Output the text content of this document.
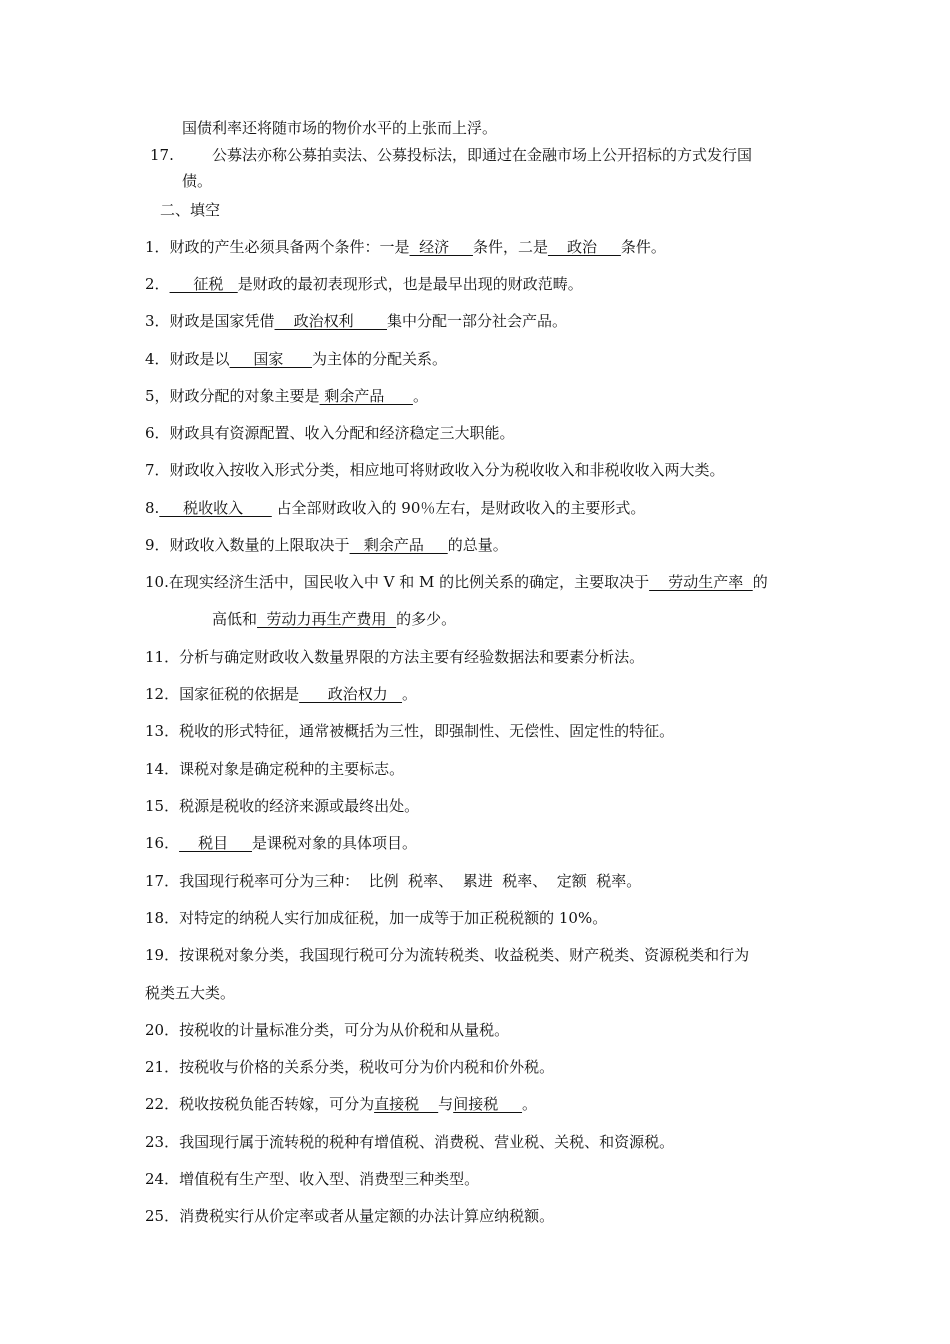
国债利率还将随市场的物价水平的上张而上浮。
17.	公募法亦称公募拍卖法、公募投标法，即通过在金融市场上公开招标的方式发行国
债。
二、填空
1．财政的产生必须具备两个条件：一是  经济     条件，二是    政治     条件。
2．     征税   是财政的最初表现形式，也是最早出现的财政范畴。
3．财政是国家凭借    政治权利       集中分配一部分社会产品。
4．财政是以     国家      为主体的分配关系。
5，财政分配的对象主要是 剩余产品      。
6．财政具有资源配置、收入分配和经济稳定三大职能。
7．财政收入按收入形式分类，相应地可将财政收入分为税收收入和非税收收入两大类。
8.     税收收入       占全部财政收入的 90％左右，是财政收入的主要形式。
9．财政收入数量的上限取决于   剩余产品     的总量。
10.在现实经济生活中，国民收入中 V 和 M 的比例关系的确定，主要取决于    劳动生产率  的
高低和  劳动力再生产费用  的多少。
11．分析与确定财政收入数量界限的方法主要有经验数据法和要素分析法。
12．国家征税的依据是      政治权力   。
13．税收的形式特征，通常被概括为三性，即强制性、无偿性、固定性的特征。
14．课税对象是确定税种的主要标志。
15．税源是税收的经济来源或最终出处。
16．    税目     是课税对象的具体项目。
17．我国现行税率可分为三种：  比例  税率、  累进  税率、  定额  税率。
18．对特定的纳税人实行加成征税，加一成等于加正税税额的 10%。
19．按课税对象分类，我国现行税可分为流转税类、收益税类、财产税类、资源税类和行为
税类五大类。
20．按税收的计量标准分类，可分为从价税和从量税。
21．按税收与价格的关系分类，税收可分为价内税和价外税。
22．税收按税负能否转嫁，可分为直接税    与间接税     。
23．我国现行属于流转税的税种有增值税、消费税、营业税、关税、和资源税。
24．增值税有生产型、收入型、消费型三种类型。
25．消费税实行从价定率或者从量定额的办法计算应纳税额。
